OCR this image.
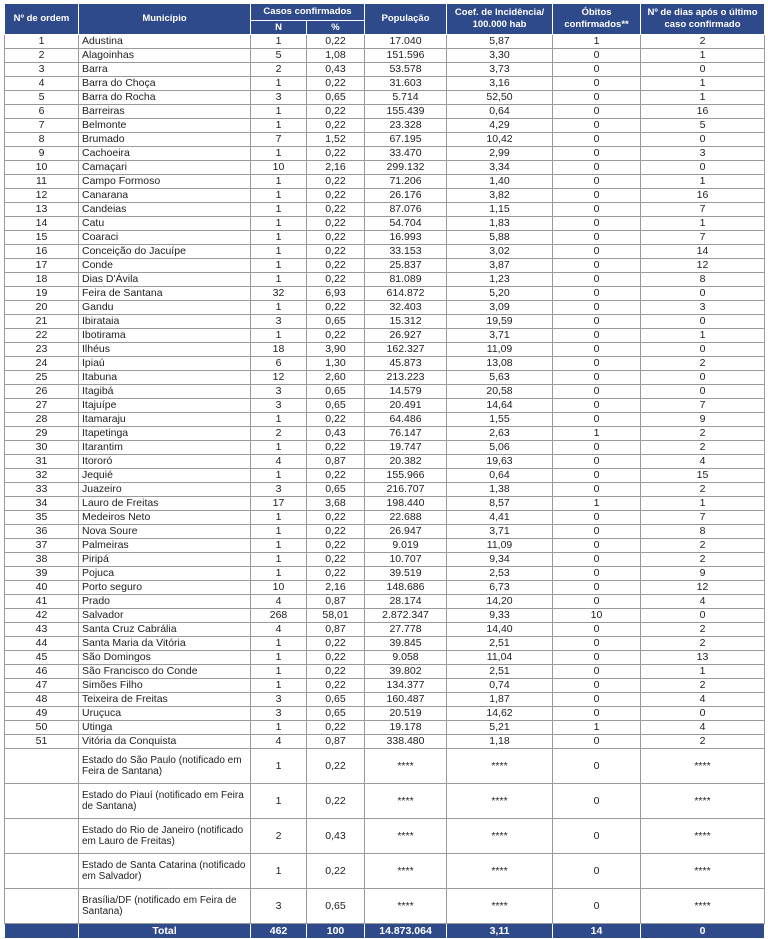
Nº de ordem	Município	Casos confirmados		População	Coef. de Incidência/ 100.000 hab	Óbitos confirmados**	Nº de dias após o último caso confirmado
		N	%				
1	Adustina	1	0,22	17.040	5,87	1	2
2	Alagoinhas	5	1,08	151.596	3,30	0	1
3	Barra	2	0,43	53.578	3,73	0	0
4	Barra do Choça	1	0,22	31.603	3,16	0	1
5	Barra do Rocha	3	0,65	5.714	52,50	0	1
6	Barreiras	1	0,22	155.439	0,64	0	16
7	Belmonte	1	0,22	23.328	4,29	0	5
8	Brumado	7	1,52	67.195	10,42	0	0
9	Cachoeira	1	0,22	33.470	2,99	0	3
10	Camaçari	10	2,16	299.132	3,34	0	0
11	Campo Formoso	1	0,22	71.206	1,40	0	1
12	Canarana	1	0,22	26.176	3,82	0	16
13	Candeias	1	0,22	87.076	1,15	0	7
14	Catu	1	0,22	54.704	1,83	0	1
15	Coaraci	1	0,22	16.993	5,88	0	7
16	Conceição do Jacuípe	1	0,22	33.153	3,02	0	14
17	Conde	1	0,22	25.837	3,87	0	12
18	Dias D'Ávila	1	0,22	81.089	1,23	0	8
19	Feira de Santana	32	6,93	614.872	5,20	0	0
20	Gandu	1	0,22	32.403	3,09	0	3
21	Ibirataia	3	0,65	15.312	19,59	0	0
22	Ibotirama	1	0,22	26.927	3,71	0	1
23	Ilhéus	18	3,90	162.327	11,09	0	0
24	Ipiaú	6	1,30	45.873	13,08	0	2
25	Itabuna	12	2,60	213.223	5,63	0	0
26	Itagibá	3	0,65	14.579	20,58	0	0
27	Itajuípe	3	0,65	20.491	14,64	0	7
28	Itamaraju	1	0,22	64.486	1,55	0	9
29	Itapetinga	2	0,43	76.147	2,63	1	2
30	Itarantim	1	0,22	19.747	5,06	0	2
31	Itororó	4	0,87	20.382	19,63	0	4
32	Jequié	1	0,22	155.966	0,64	0	15
33	Juazeiro	3	0,65	216.707	1,38	0	2
34	Lauro de Freitas	17	3,68	198.440	8,57	1	1
35	Medeiros Neto	1	0,22	22.688	4,41	0	7
36	Nova Soure	1	0,22	26.947	3,71	0	8
37	Palmeiras	1	0,22	9.019	11,09	0	2
38	Piripá	1	0,22	10.707	9,34	0	2
39	Pojuca	1	0,22	39.519	2,53	0	9
40	Porto seguro	10	2,16	148.686	6,73	0	12
41	Prado	4	0,87	28.174	14,20	0	4
42	Salvador	268	58,01	2.872.347	9,33	10	0
43	Santa Cruz Cabrália	4	0,87	27.778	14,40	0	2
44	Santa Maria da Vitória	1	0,22	39.845	2,51	0	2
45	São Domingos	1	0,22	9.058	11,04	0	13
46	São Francisco do Conde	1	0,22	39.802	2,51	0	1
47	Simões Filho	1	0,22	134.377	0,74	0	2
48	Teixeira de Freitas	3	0,65	160.487	1,87	0	4
49	Uruçuca	3	0,65	20.519	14,62	0	0
50	Utinga	1	0,22	19.178	5,21	1	4
51	Vitória da Conquista	4	0,87	338.480	1,18	0	2
	Estado do São Paulo (notificado em Feira de Santana)	1	0,22	****	****	0	****
	Estado do Piauí (notificado em Feira de Santana)	1	0,22	****	****	0	****
	Estado do Rio de Janeiro (notificado em Lauro de Freitas)	2	0,43	****	****	0	****
	Estado de Santa Catarina (notificado em Salvador)	1	0,22	****	****	0	****
	Brasília/DF (notificado em Feira de Santana)	3	0,65	****	****	0	****
	Total	462	100	14.873.064	3,11	14	0
